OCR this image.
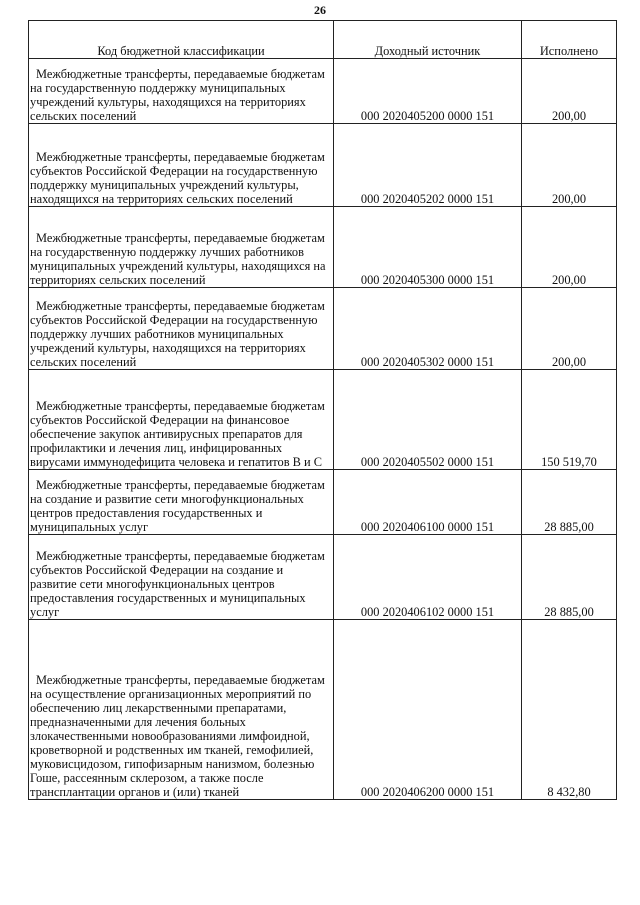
26
Код бюджетной классификации	Доходный источник	Исполнено
Межбюджетные трансферты, передаваемые бюджетам на государственную поддержку муниципальных учреждений культуры, находящихся на территориях сельских поселений	000 2020405200 0000 151	200,00
Межбюджетные трансферты, передаваемые бюджетам субъектов Российской Федерации на государственную поддержку муниципальных учреждений культуры, находящихся на территориях сельских поселений	000 2020405202 0000 151	200,00
Межбюджетные трансферты, передаваемые бюджетам на государственную поддержку лучших работников муниципальных учреждений культуры, находящихся на территориях сельских поселений	000 2020405300 0000 151	200,00
Межбюджетные трансферты, передаваемые бюджетам субъектов Российской Федерации на государственную поддержку лучших работников муниципальных учреждений культуры, находящихся на территориях сельских поселений	000 2020405302 0000 151	200,00
Межбюджетные трансферты, передаваемые бюджетам субъектов Российской Федерации на финансовое обеспечение закупок антивирусных препаратов для профилактики и лечения лиц, инфицированных вирусами иммунодефицита человека и гепатитов В и С	000 2020405502 0000 151	150 519,70
Межбюджетные трансферты, передаваемые бюджетам на создание и развитие сети многофункциональных центров предоставления государственных и муниципальных услуг	000 2020406100 0000 151	28 885,00
Межбюджетные трансферты, передаваемые бюджетам субъектов Российской Федерации на создание и развитие сети многофункциональных центров предоставления государственных и муниципальных услуг	000 2020406102 0000 151	28 885,00
Межбюджетные трансферты, передаваемые бюджетам на осуществление организационных мероприятий по обеспечению лиц лекарственными препаратами, предназначенными для лечения больных злокачественными новообразованиями лимфоидной, кроветворной и родственных им тканей, гемофилией, муковисцидозом, гипофизарным нанизмом, болезнью Гоше, рассеянным склерозом, а также после трансплантации органов и (или) тканей	000 2020406200 0000 151	8 432,80
